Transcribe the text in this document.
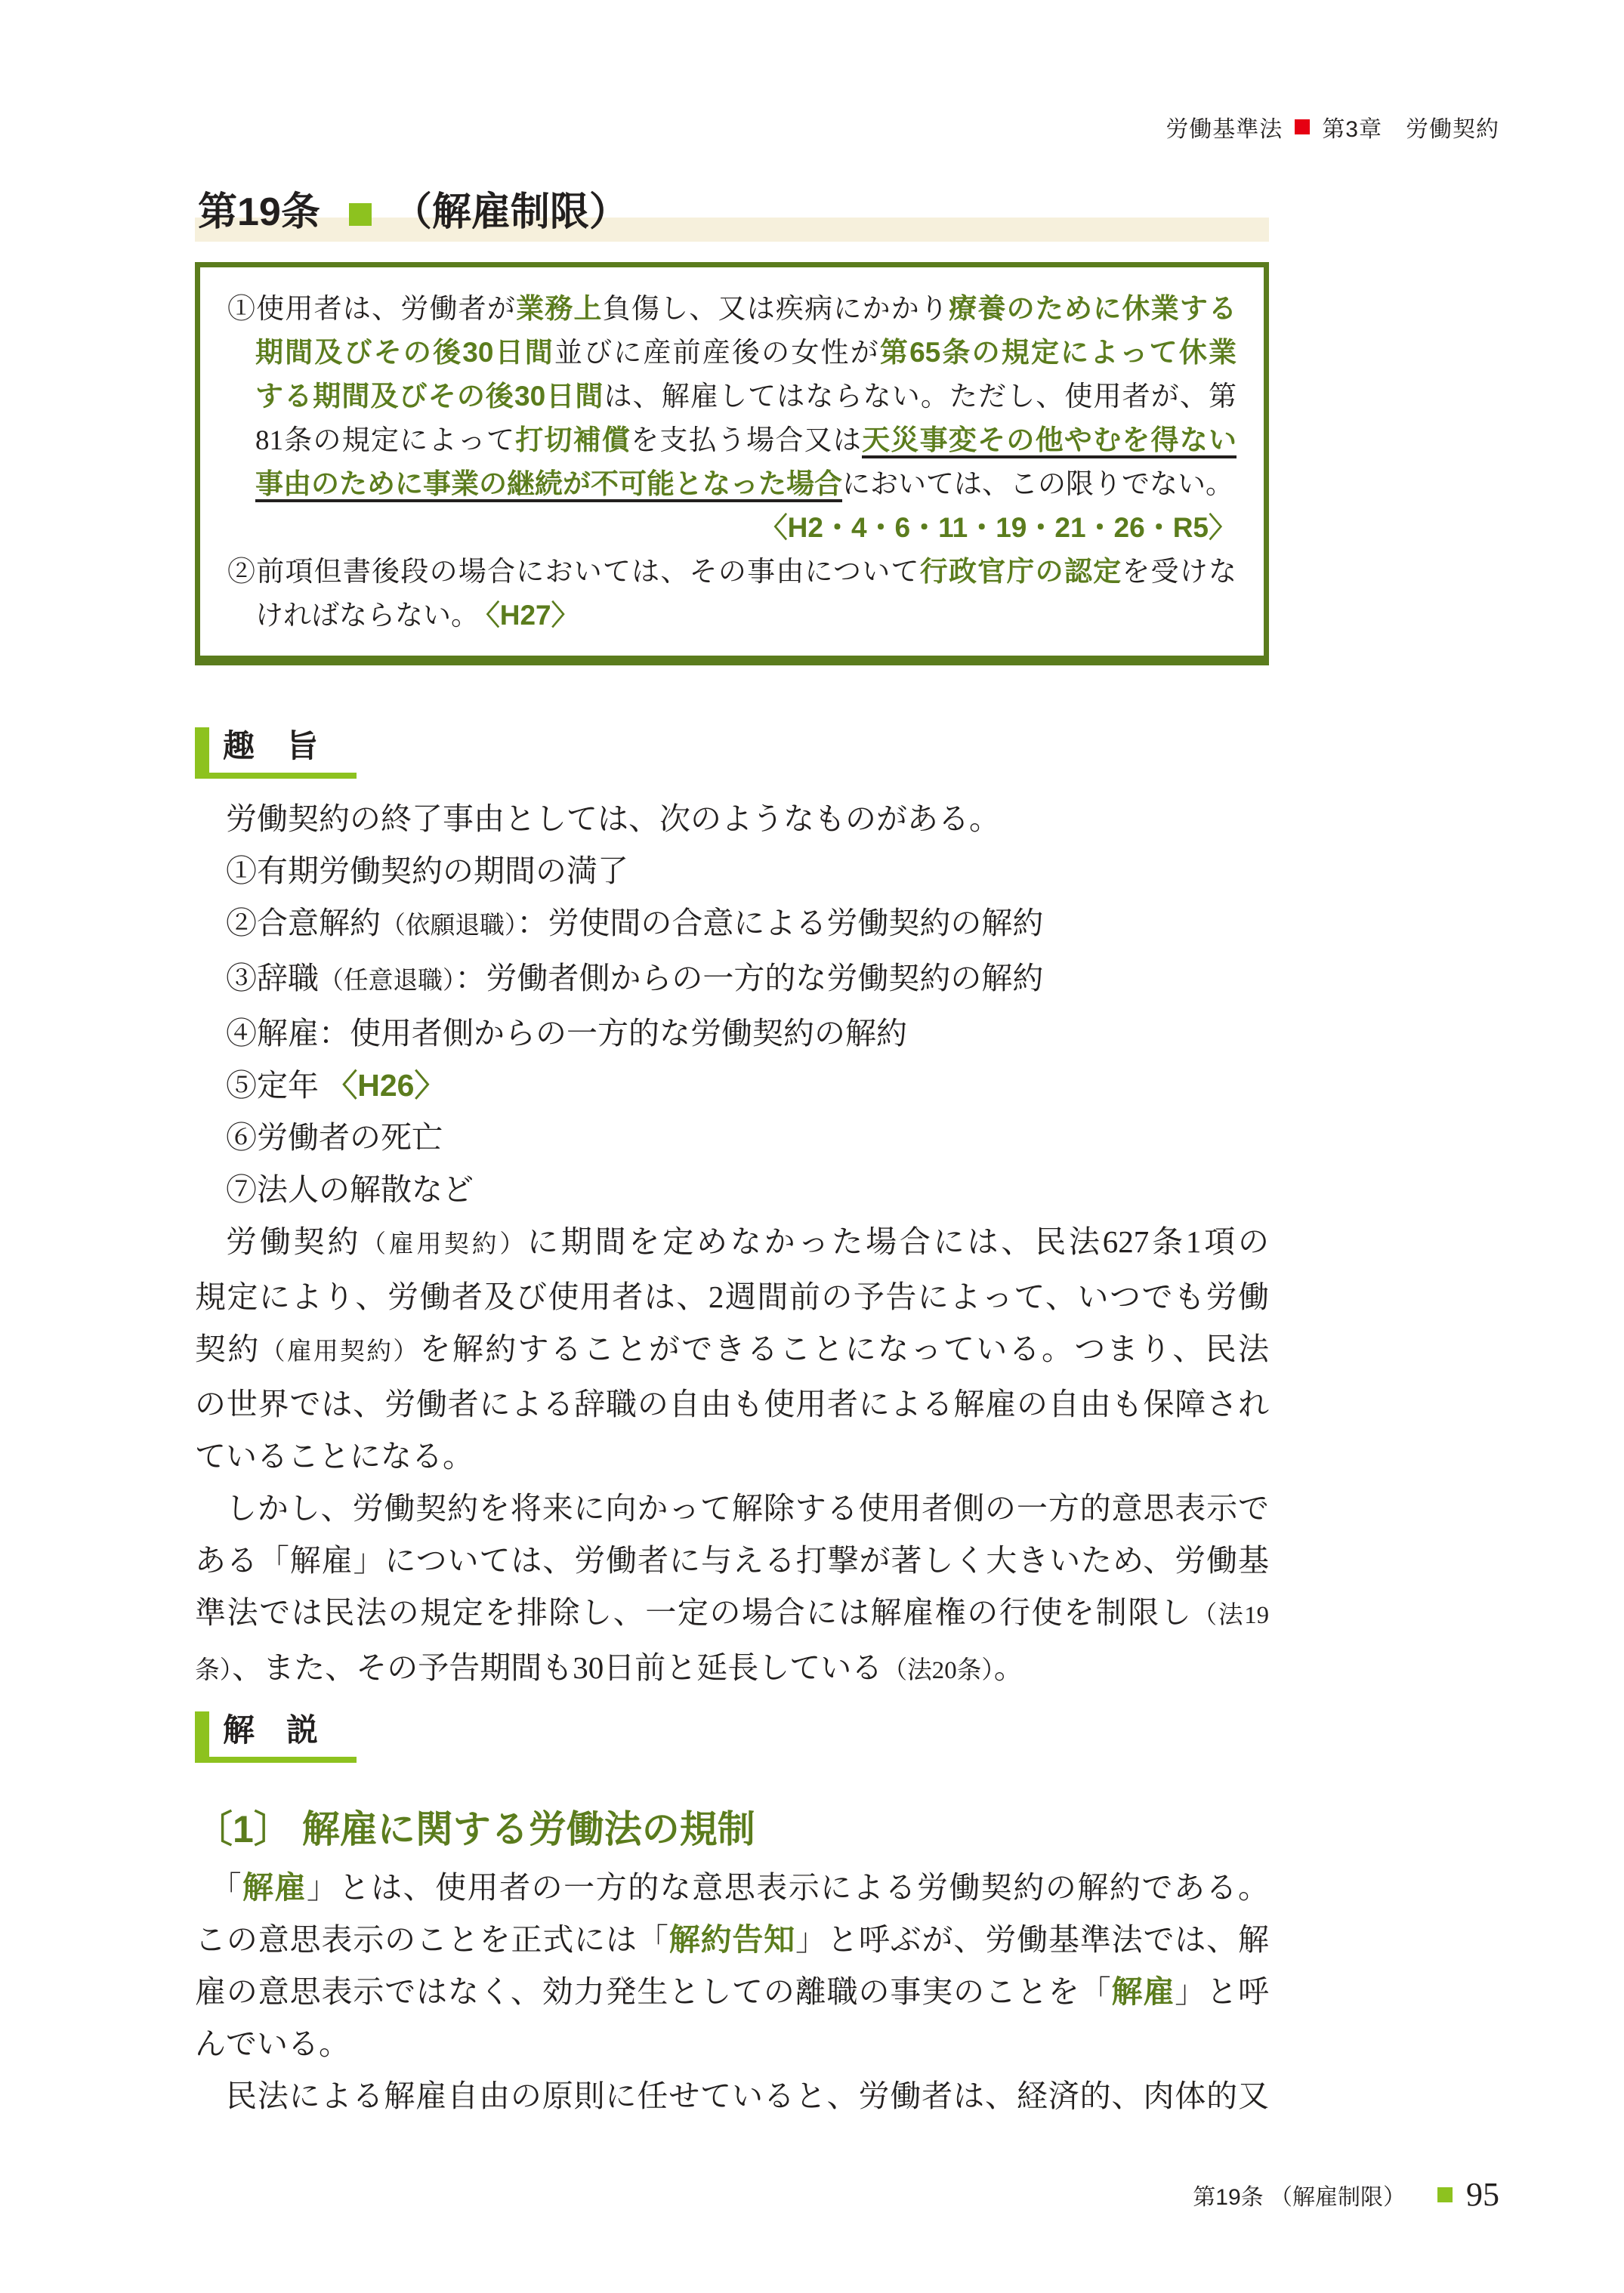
労働基準法 第3章　労働契約
第19条 （解雇制限）
①使用者は、労働者が業務上負傷し、又は疾病にかかり療養のために休業する
期間及びその後30日間並びに産前産後の女性が第65条の規定によって休業
する期間及びその後30日間は、解雇してはならない。ただし、使用者が、第
81条の規定によって打切補償を支払う場合又は天災事変その他やむを得ない
事由のために事業の継続が不可能となった場合においては、この限りでない。
〈H2・4・6・11・19・21・26・R5〉
②前項但書後段の場合においては、その事由について行政官庁の認定を受けな
ければならない。 〈H27〉
趣　旨
労働契約の終了事由としては、次のようなものがある。
①有期労働契約の期間の満了
②合意解約（依願退職）：労使間の合意による労働契約の解約
③辞職（任意退職）：労働者側からの一方的な労働契約の解約
④解雇：使用者側からの一方的な労働契約の解約
⑤定年 〈H26〉
⑥労働者の死亡
⑦法人の解散など
労働契約（雇用契約）に期間を定めなかった場合には、民法627条1項の
規定により、労働者及び使用者は、2週間前の予告によって、いつでも労働
契約（雇用契約）を解約することができることになっている。つまり、民法
の世界では、労働者による辞職の自由も使用者による解雇の自由も保障され
ていることになる。
しかし、労働契約を将来に向かって解除する使用者側の一方的意思表示で
ある「解雇」については、労働者に与える打撃が著しく大きいため、労働基
準法では民法の規定を排除し、一定の場合には解雇権の行使を制限し（法19
条）、また、その予告期間も30日前と延長している（法20条）。
解　説
〔1〕 解雇に関する労働法の規制
「解雇」とは、使用者の一方的な意思表示による労働契約の解約である。
この意思表示のことを正式には「解約告知」と呼ぶが、労働基準法では、解
雇の意思表示ではなく、効力発生としての離職の事実のことを「解雇」と呼
んでいる。
民法による解雇自由の原則に任せていると、労働者は、経済的、肉体的又
第19条 （解雇制限） 95
